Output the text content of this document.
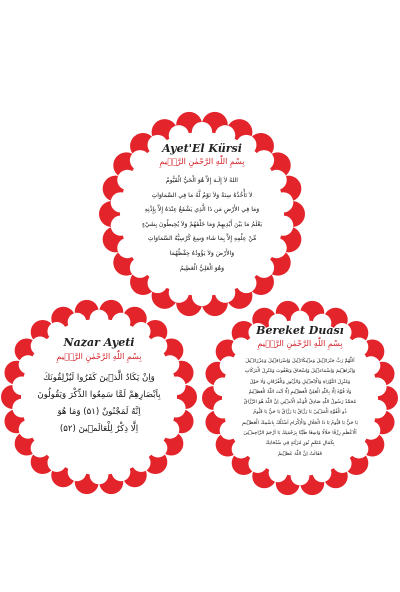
Ayet'El Kürsi
بِسْمِ اللّٰهِ الرَّحْمٰنِ الرَّح۪يمِ
اللهُ لاَ إِلَـهَ إِلاَّ هُوَ الْحَيُّ الْقَيُّومُ
لاَ تَأْخُذُهُ سِنَةٌ وَلاَ نَوْمٌ لَّهُ مَا فِي السَّمَاوَاتِ
وَمَا فِي الأَرْضِ مَن ذَا الَّذِي يَشْفَعُ عِنْدَهُ إِلاَّ بِإِذْنِهِ
يَعْلَمُ مَا بَيْنَ أَيْدِيهِمْ وَمَا خَلْفَهُمْ وَلاَ يُحِيطُونَ بِشَيْءٍ
مِّنْ عِلْمِهِ إِلاَّ بِمَا شَاء وَسِعَ كُرْسِيُّهُ السَّمَاوَاتِ
وَالأَرْضَ وَلاَ يَؤُودُهُ حِفْظُهُمَا
وَهُوَ الْعَلِيُّ الْعَظِيمُ
Nazar Ayeti
بِسْمِ اللّٰهِ الرَّحْمٰنِ الرَّح۪يمِ
وَاِنْ يَكَادُ الَّذ۪ينَ كَفَرُوا لَيُزْلِقُونَكَ
بِاَبْصَارِهِمْ لَمَّا سَمِعُوا الذِّكْرَ وَيَقُولُونَ
اِنَّهُ لَمَجْنُونٌ (۵۱) وَمَا هُوَ
اِلَّا ذِكْرٌ لِلْعَالَم۪ينَ (۵۲)
Bereket Duası
بِسْمِ اللّٰهِ الرَّحْمٰنِ الرَّح۪يمِ
اَللّٰهُمَّ رَبَّ جَبْرَائ۪يلَ وَم۪يكَائ۪يلَ وَاِسْرَاف۪يلَ وَعِزْرَائ۪يلَ
وَاِبْرَاه۪يمَ وَاِسْمَاع۪يلَ وَاِسْحَاقَ وَيَعْقُوبَ وَمُنْزِلَ الْبَرَكَاتِ
وَمُنْزِلَ التَّوْرَاةِ وَالْاِنْج۪يلِ وَالزَّبُورِ وَالْفُرْقَانِ وَلَا حَوْلَ
وَلَا قُوَّةَ اِلَّا بِاللّٰهِ الْعَلِيِّ الْعَظ۪يمِ اِلَّا اَنْتَ اللّٰهُ الْعَظ۪يمُ
مُحَمَّدٌ رَسُولُ اللّٰهِ صَادِقُ الْوَعْدِ الْاَم۪ينِ اِنَّ اللّٰهَ هُوَ الرَّزَّاقُ
ذُو الْقُوَّةِ الْمَت۪ينُ يَا رَزَّاقُ يَا رَزَّاقُ يَا حَيُّ يَا قَيُّومُ
يَا حَيُّ يَا قَيُّومُ يَا ذَا الْجَلَالِ وَالْاِكْرَامِ اَسْئَلُكَ بِاسْمِكَ الْعَظ۪يمِ
اَلْاَعْظَمِ رِزْقًا حَلَالًا وَاسِعًا طَيِّبًا بِرَحْمَتِكَ يَا اَرْحَمَ الرَّاحِم۪ينَ
بِكَمَالِ مُتَمِّمٍ نُورٍ مُزَيَّنَةٍ فِي سُبْحَانِكَ
فَقَالَتْ اِنَّ اللّٰهَ عَظ۪يمٌ
